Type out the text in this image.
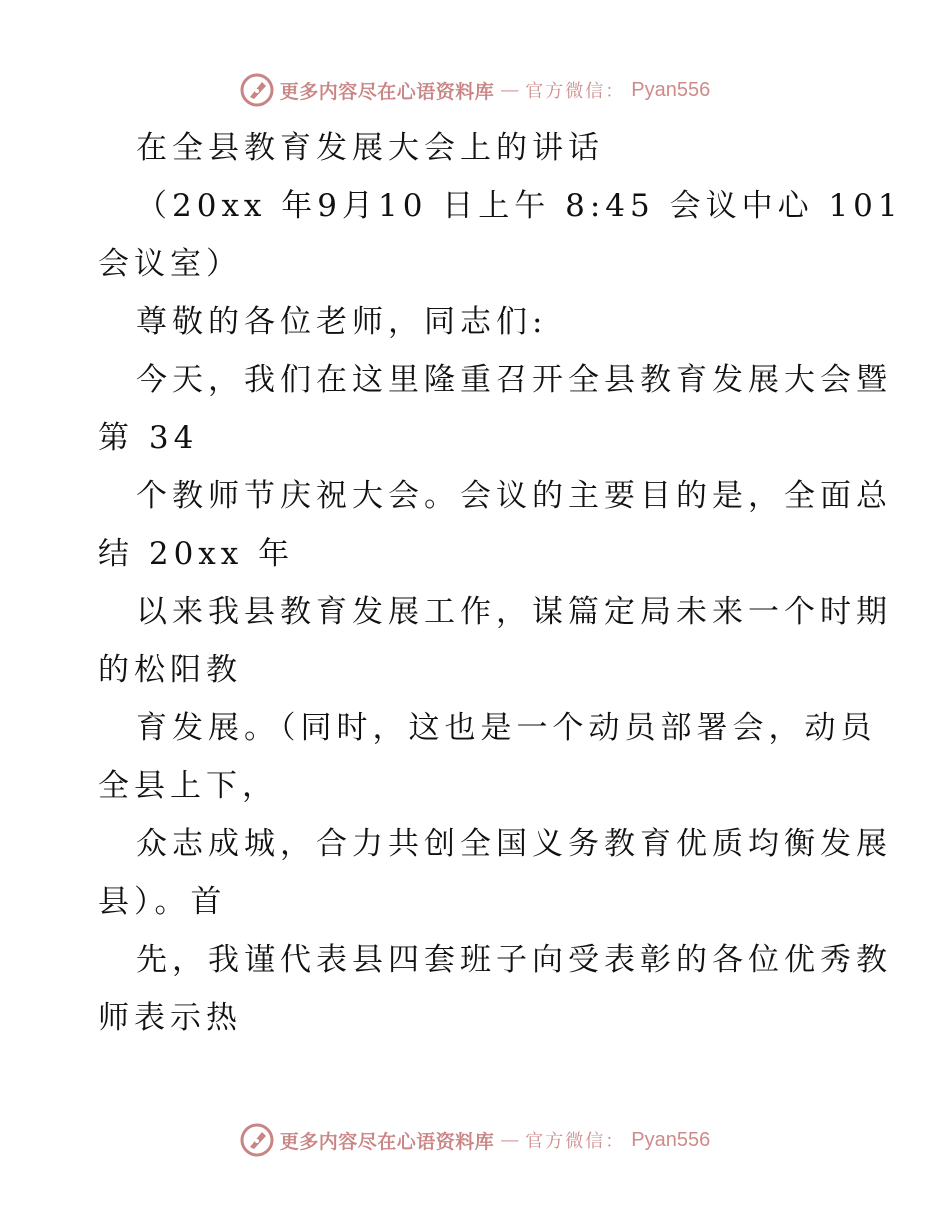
更多内容尽在心语资料库 — 官方微信： Pyan556
在全县教育发展大会上的讲话
（20xx 年9月10 日上午 8:45 会议中心 101
会议室）
尊敬的各位老师，同志们:
今天，我们在这里隆重召开全县教育发展大会暨
第 34
个教师节庆祝大会。会议的主要目的是，全面总
结 20xx 年
以来我县教育发展工作，谋篇定局未来一个时期
的松阳教
育发展。（同时，这也是一个动员部署会，动员
全县上下，
众志成城，合力共创全国义务教育优质均衡发展
县）。首
先，我谨代表县四套班子向受表彰的各位优秀教
师表示热
更多内容尽在心语资料库 — 官方微信： Pyan556
